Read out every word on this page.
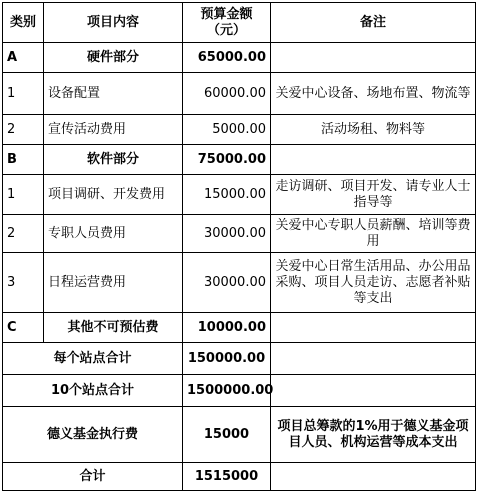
类别	项目内容	预算金额（元）	备注
A	硬件部分	65000.00	
1	设备配置	60000.00	关爱中心设备、场地布置、物流等
2	宣传活动费用	5000.00	活动场租、物料等
B	软件部分	75000.00	
1	项目调研、开发费用	15000.00	走访调研、项目开发、请专业人士指导等
2	专职人员费用	30000.00	关爱中心专职人员薪酬、培训等费用
3	日程运营费用	30000.00	关爱中心日常生活用品、办公用品采购、项目人员走访、志愿者补贴等支出
C	其他不可预估费	10000.00	
每个站点合计		150000.00	
10个站点合计		1500000.00	
德义基金执行费		15000	项目总筹款的1%用于德义基金项目人员、机构运营等成本支出
合计		1515000	
